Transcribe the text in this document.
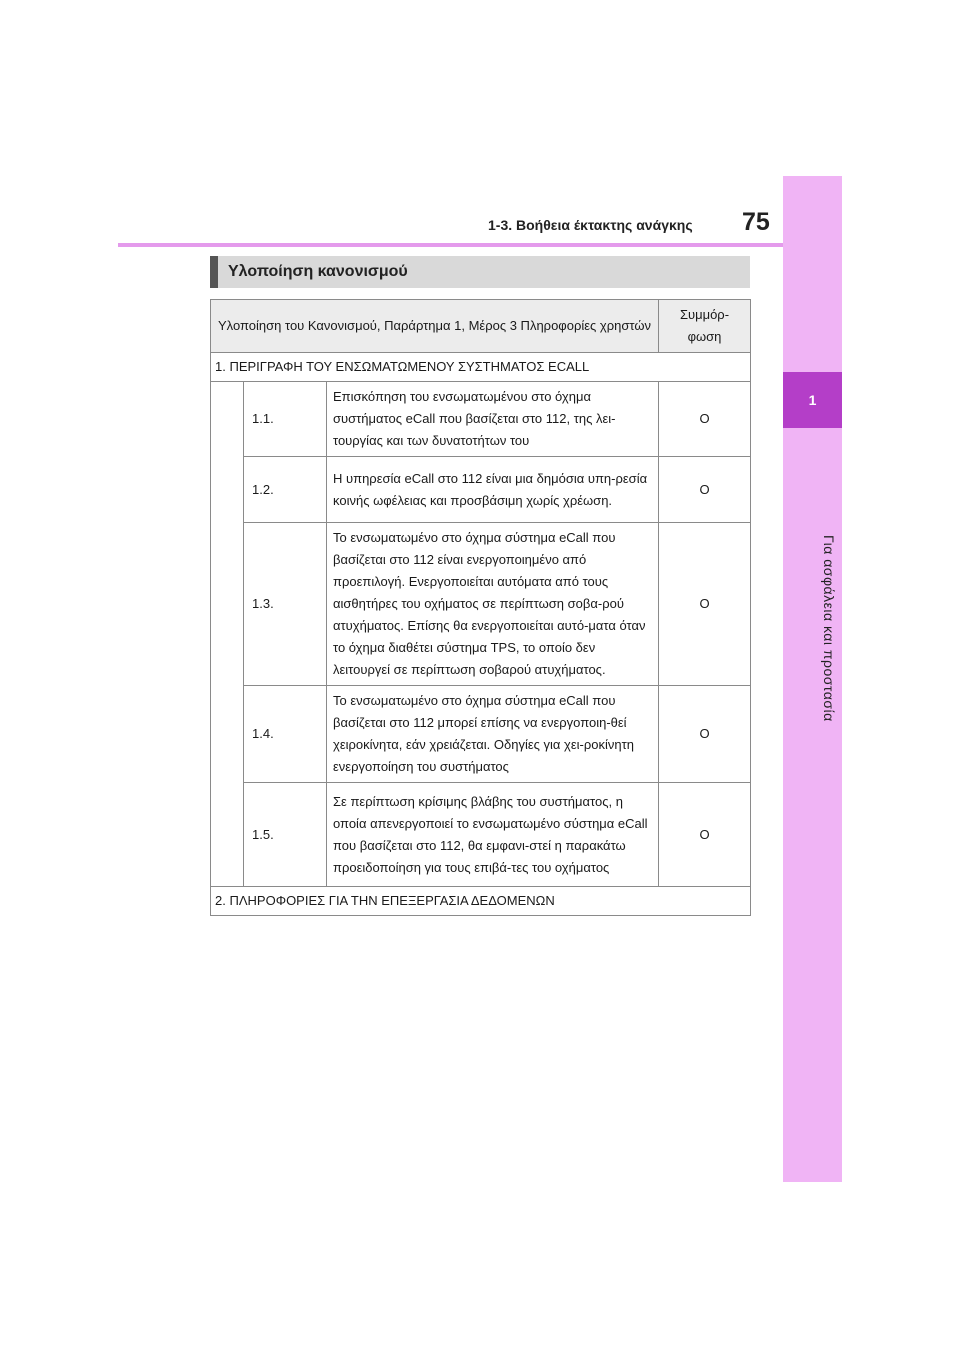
1
Για ασφάλεια και προστασία
1-3. Βοήθεια έκτακτης ανάγκης 75
Υλοποίηση κανονισμού
Υλοποίηση του Κανονισμού, Παράρτημα 1, Μέρος 3 Πληροφορίες χρηστών			Συμμόρ-φωση
1. ΠΕΡΙΓΡΑΦΗ ΤΟΥ ΕΝΣΩΜΑΤΩΜΕΝΟΥ ΣΥΣΤΗΜΑΤΟΣ ECALL			
	1.1.	Επισκόπηση του ενσωματωμένου στο όχημα συστήματος eCall που βασίζεται στο 112, της λει-τουργίας και των δυνατοτήτων του	O
	1.2.	Η υπηρεσία eCall στο 112 είναι μια δημόσια υπη-ρεσία κοινής ωφέλειας και προσβάσιμη χωρίς χρέωση.	O
	1.3.	Το ενσωματωμένο στο όχημα σύστημα eCall που βασίζεται στο 112 είναι ενεργοποιημένο από προεπιλογή. Ενεργοποιείται αυτόματα από τους αισθητήρες του οχήματος σε περίπτωση σοβα-ρού ατυχήματος. Επίσης θα ενεργοποιείται αυτό-ματα όταν το όχημα διαθέτει σύστημα TPS, το οποίο δεν λειτουργεί σε περίπτωση σοβαρού ατυχήματος.	O
	1.4.	Το ενσωματωμένο στο όχημα σύστημα eCall που βασίζεται στο 112 μπορεί επίσης να ενεργοποιη-θεί χειροκίνητα, εάν χρειάζεται. Οδηγίες για χει-ροκίνητη ενεργοποίηση του συστήματος	O
	1.5.	Σε περίπτωση κρίσιμης βλάβης του συστήματος, η οποία απενεργοποιεί το ενσωματωμένο σύστημα eCall που βασίζεται στο 112, θα εμφανι-στεί η παρακάτω προειδοποίηση για τους επιβά-τες του οχήματος	O
2. ΠΛΗΡΟΦΟΡΙΕΣ ΓΙΑ ΤΗΝ ΕΠΕΞΕΡΓΑΣΙΑ ΔΕΔΟΜΕΝΩΝ			
